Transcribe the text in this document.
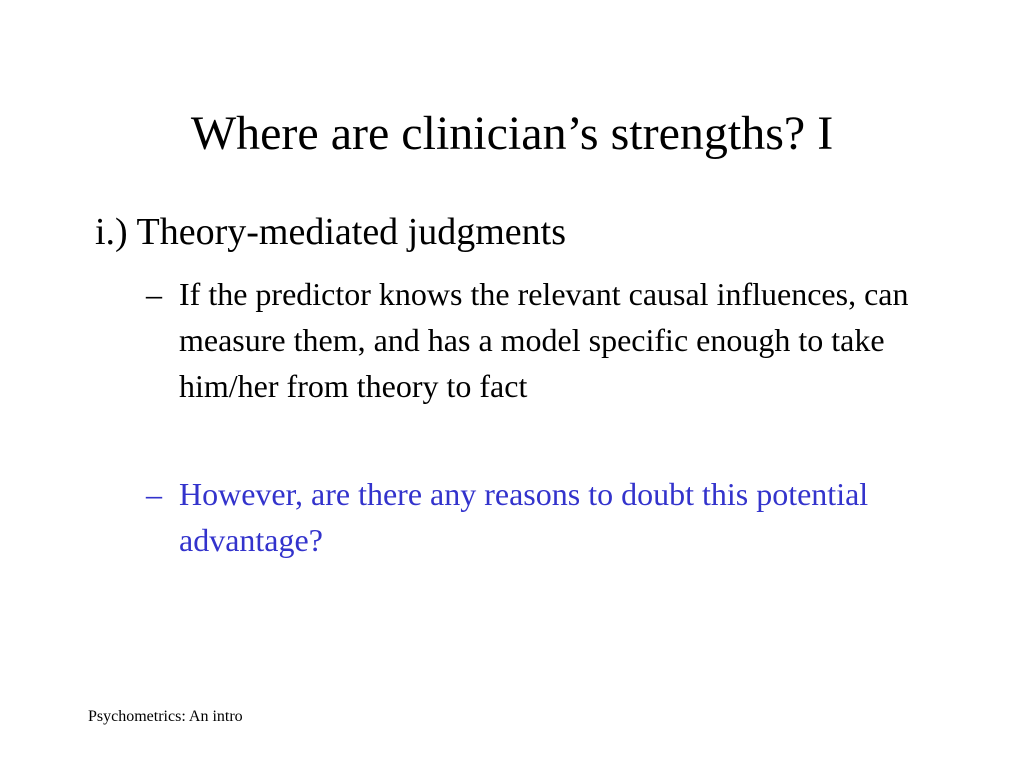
Where are clinician’s strengths? I
i.) Theory-mediated judgments
– If the predictor knows the relevant causal influences, can measure them, and has a model specific enough to take him/her from theory to fact
– However, are there any reasons to doubt this potential advantage?
Psychometrics: An intro
